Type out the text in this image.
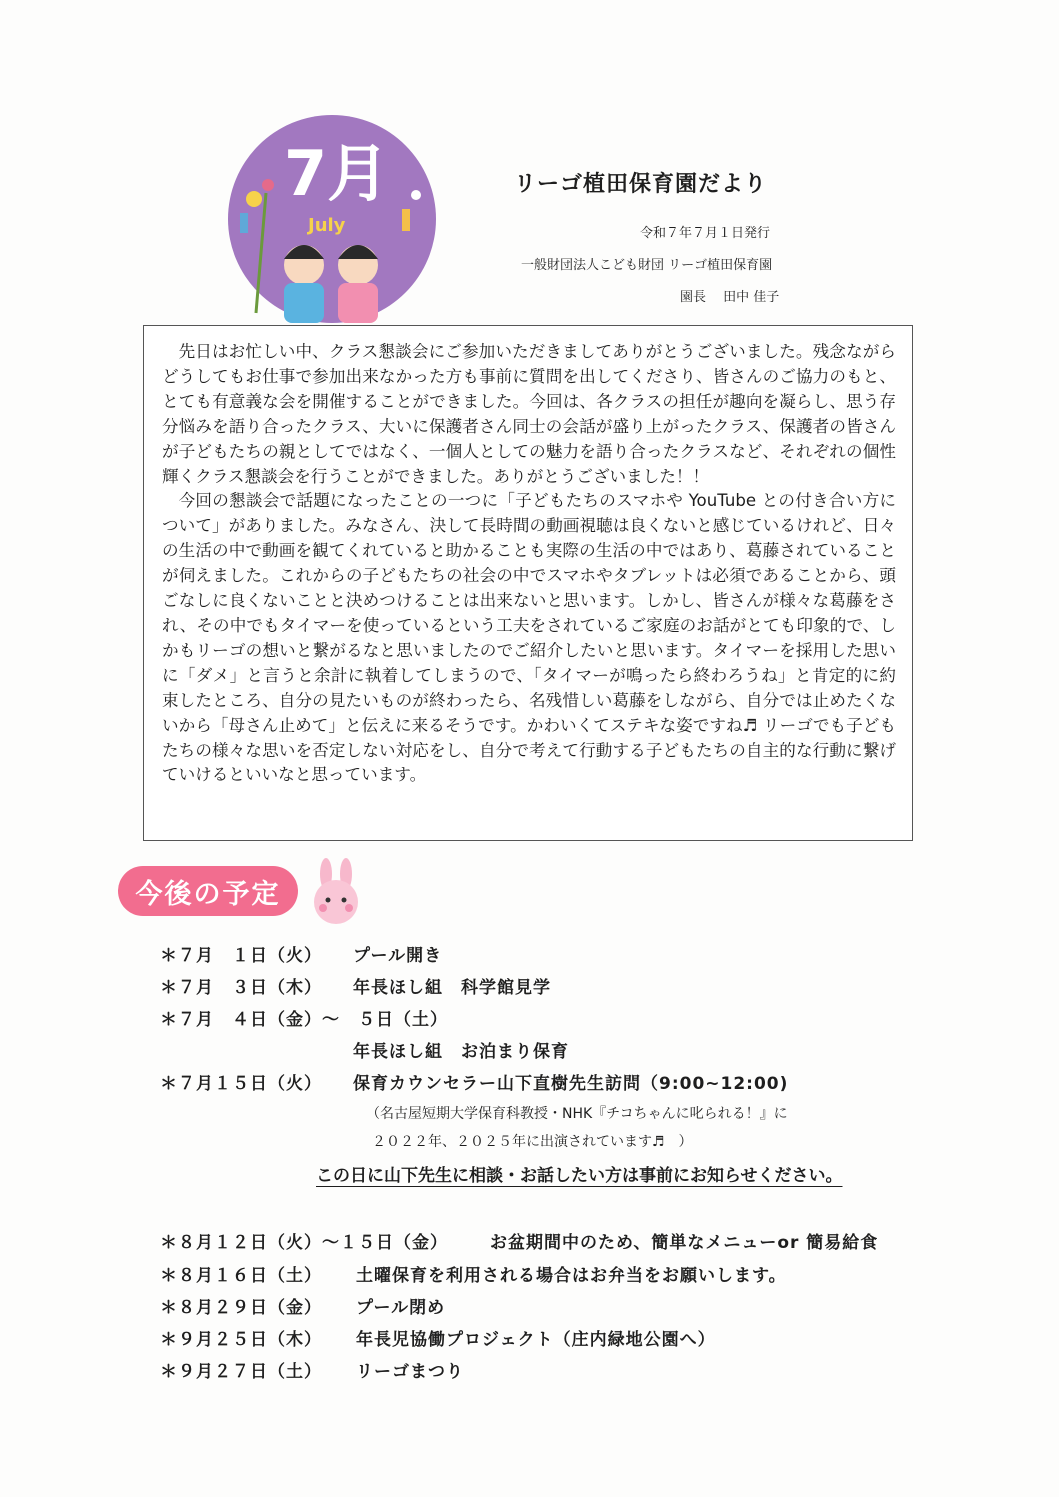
7月
July
リーゴ植田保育園だより
令和７年７月１日発行
一般財団法人こども財団 リーゴ植田保育園
園長　 田中 佳子

先日はお忙しい中、クラス懇談会にご参加いただきましてありがとうございました。残念ながらどうしてもお仕事で参加出来なかった方も事前に質問を出してくださり、皆さんのご協力のもと、とても有意義な会を開催することができました。今回は、各クラスの担任が趣向を凝らし、思う存分悩みを語り合ったクラス、大いに保護者さん同士の会話が盛り上がったクラス、保護者の皆さんが子どもたちの親としてではなく、一個人としての魅力を語り合ったクラスなど、それぞれの個性輝くクラス懇談会を行うことができました。ありがとうございました！！

今回の懇談会で話題になったことの一つに「子どもたちのスマホや YouTube との付き合い方について」がありました。みなさん、決して長時間の動画視聴は良くないと感じているけれど、日々の生活の中で動画を観てくれていると助かることも実際の生活の中ではあり、葛藤されていることが伺えました。これからの子どもたちの社会の中でスマホやタブレットは必須であることから、頭ごなしに良くないことと決めつけることは出来ないと思います。しかし、皆さんが様々な葛藤をされ、その中でもタイマーを使っているという工夫をされているご家庭のお話がとても印象的で、しかもリーゴの想いと繋がるなと思いましたのでご紹介したいと思います。タイマーを採用した思いに「ダメ」と言うと余計に執着してしまうので、「タイマーが鳴ったら終わろうね」と肯定的に約束したところ、自分の見たいものが終わったら、名残惜しい葛藤をしながら、自分では止めたくないから「母さん止めて」と伝えに来るそうです。かわいくてステキな姿ですね♬ リーゴでも子どもたちの様々な思いを否定しない対応をし、自分で考えて行動する子どもたちの自主的な行動に繋げていけるといいなと思っています。

今後の予定
＊７月　１日（火） プール開き
＊７月　３日（木） 年長ほし組　科学館見学
＊７月　４日（金）～　５日（土）
年長ほし組　お泊まり保育
＊７月１５日（火） 保育カウンセラー山下直樹先生訪問（9:00~12:00)
（名古屋短期大学保育科教授・NHK『チコちゃんに叱られる！』に
２０２２年、２０２５年に出演されています♬　）
この日に山下先生に相談・お話したい方は事前にお知らせください。
＊８月１２日（火）～１５日（金） お盆期間中のため、簡単なメニューor 簡易給食
＊８月１６日（土） 土曜保育を利用される場合はお弁当をお願いします。
＊８月２９日（金） プール閉め
＊９月２５日（木） 年長児協働プロジェクト（庄内緑地公園へ）
＊９月２７日（土） リーゴまつり
